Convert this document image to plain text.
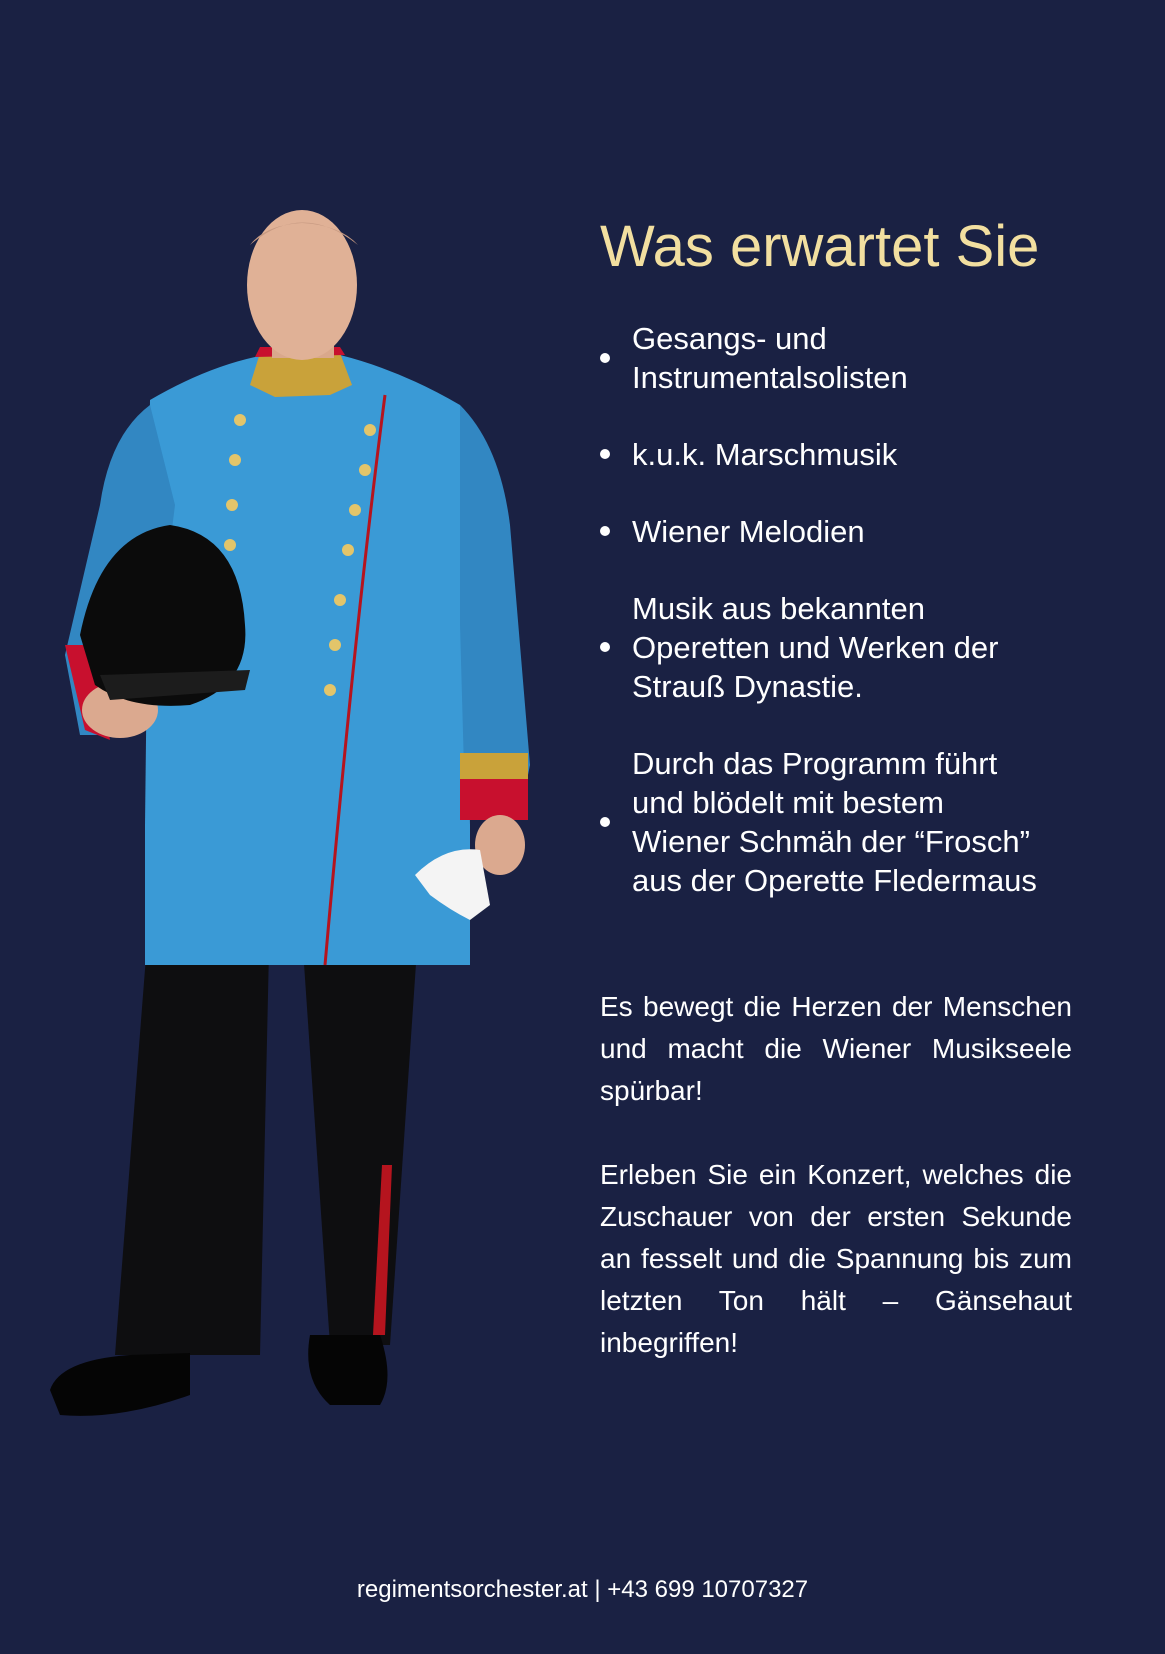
Was erwartet Sie
Gesangs- und
Instrumentalsolisten
k.u.k. Marschmusik
Wiener Melodien
Musik aus bekannten
Operetten und Werken der
Strauß Dynastie.
Durch das Programm führt
und blödelt mit bestem
Wiener Schmäh der “Frosch”
aus der Operette Fledermaus

Es bewegt die Herzen der Menschen und macht die Wiener Musikseele spürbar!

Erleben Sie ein Konzert, welches die Zuschauer von der ersten Sekunde an fesselt und die Spannung bis zum letzten Ton hält – Gänsehaut inbegriffen!

regimentsorchester.at | +43 699 10707327
